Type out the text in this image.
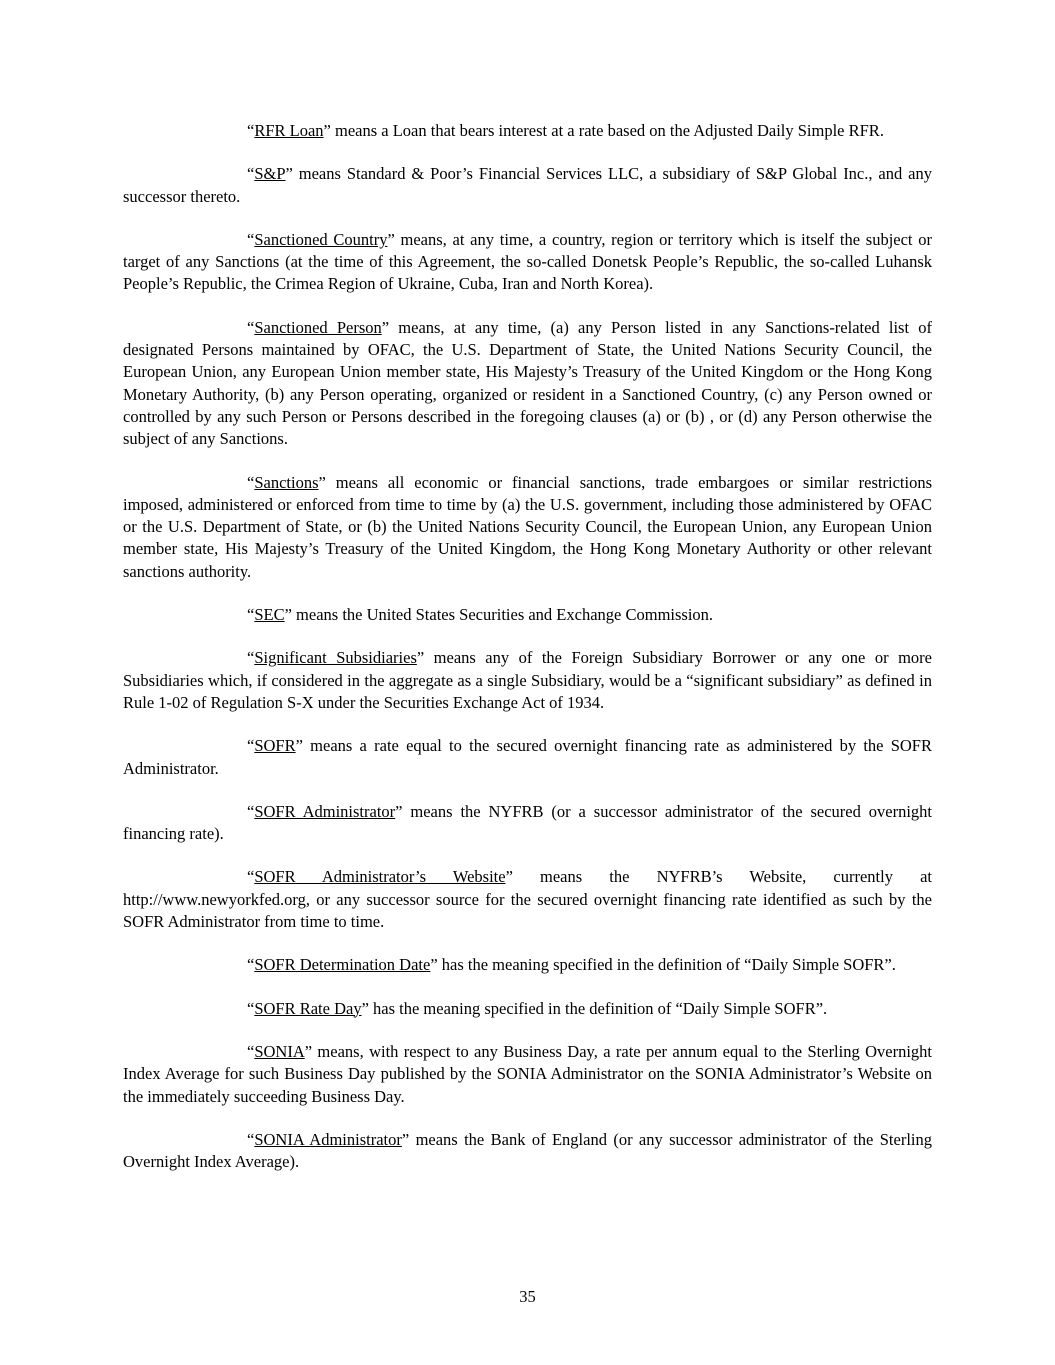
“RFR Loan” means a Loan that bears interest at a rate based on the Adjusted Daily Simple RFR.

“S&P” means Standard & Poor’s Financial Services LLC, a subsidiary of S&P Global Inc., and any successor thereto.

“Sanctioned Country” means, at any time, a country, region or territory which is itself the subject or target of any Sanctions (at the time of this Agreement, the so-called Donetsk People’s Republic, the so-called Luhansk People’s Republic, the Crimea Region of Ukraine, Cuba, Iran and North Korea).

“Sanctioned Person” means, at any time, (a) any Person listed in any Sanctions-related list of designated Persons maintained by OFAC, the U.S. Department of State, the United Nations Security Council, the European Union, any European Union member state, His Majesty’s Treasury of the United Kingdom or the Hong Kong Monetary Authority, (b) any Person operating, organized or resident in a Sanctioned Country, (c) any Person owned or controlled by any such Person or Persons described in the foregoing clauses (a) or (b) , or (d) any Person otherwise the subject of any Sanctions.

“Sanctions” means all economic or financial sanctions, trade embargoes or similar restrictions imposed, administered or enforced from time to time by (a) the U.S. government, including those administered by OFAC or the U.S. Department of State, or (b) the United Nations Security Council, the European Union, any European Union member state, His Majesty’s Treasury of the United Kingdom, the Hong Kong Monetary Authority or other relevant sanctions authority.

“SEC” means the United States Securities and Exchange Commission.

“Significant Subsidiaries” means any of the Foreign Subsidiary Borrower or any one or more Subsidiaries which, if considered in the aggregate as a single Subsidiary, would be a “significant subsidiary” as defined in Rule 1-02 of Regulation S-X under the Securities Exchange Act of 1934.

“SOFR” means a rate equal to the secured overnight financing rate as administered by the SOFR Administrator.

“SOFR Administrator” means the NYFRB (or a successor administrator of the secured overnight financing rate).

“SOFR Administrator’s Website” means the NYFRB’s Website, currently at http://www.newyorkfed.org, or any successor source for the secured overnight financing rate identified as such by the SOFR Administrator from time to time.

“SOFR Determination Date” has the meaning specified in the definition of “Daily Simple SOFR”.

“SOFR Rate Day” has the meaning specified in the definition of “Daily Simple SOFR”.

“SONIA” means, with respect to any Business Day, a rate per annum equal to the Sterling Overnight Index Average for such Business Day published by the SONIA Administrator on the SONIA Administrator’s Website on the immediately succeeding Business Day.

“SONIA Administrator” means the Bank of England (or any successor administrator of the Sterling Overnight Index Average).

35
